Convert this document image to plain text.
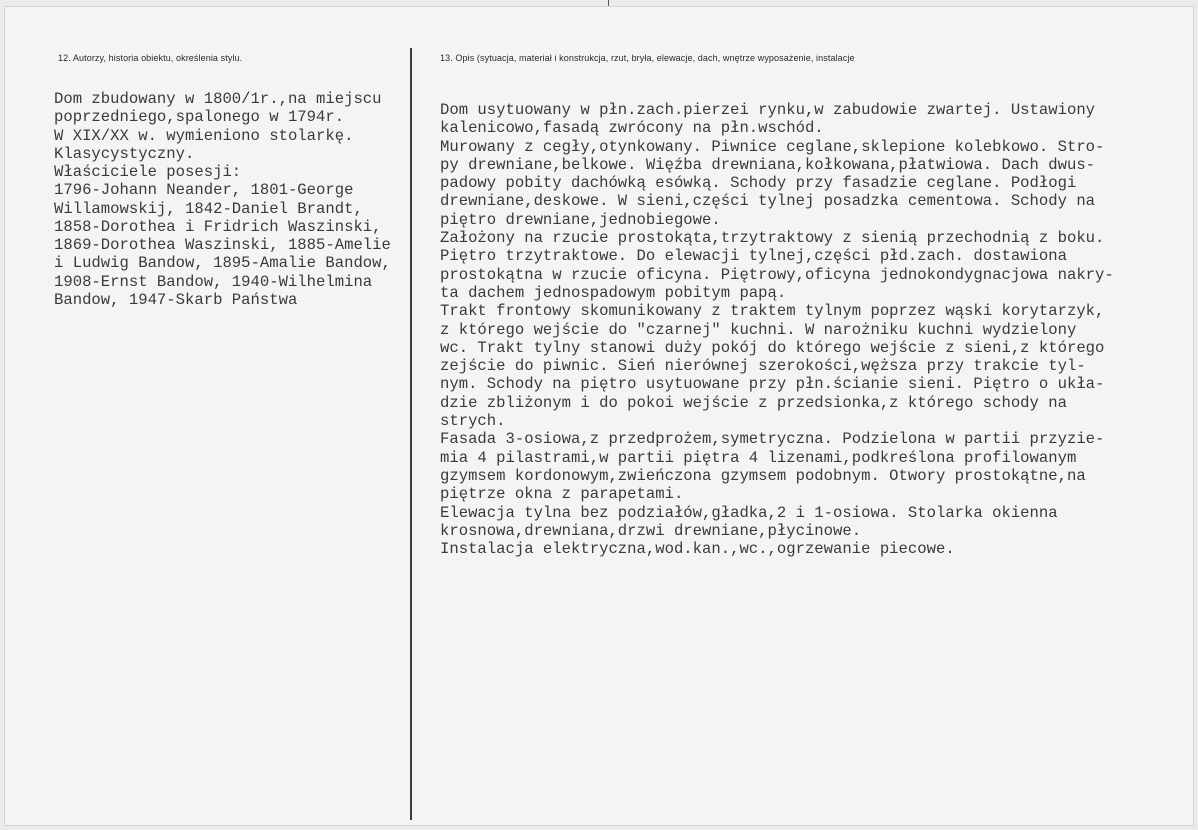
12. Autorzy, historia obiektu, określenia stylu.	13. Opis (sytuacja, materiał i konstrukcja, rzut, bryła, elewacje, dach, wnętrze wyposażenie, instalacje
Dom zbudowany w 1800/1r.,na miejscu
poprzedniego,spalonego w 1794r.
W XIX/XX w. wymieniono stolarkę.
Klasycystyczny.
Właściciele posesji:
1796-Johann Neander, 1801-George
Willamowskij, 1842-Daniel Brandt,
1858-Dorothea i Fridrich Waszinski,
1869-Dorothea Waszinski, 1885-Amelie
i Ludwig Bandow, 1895-Amalie Bandow,
1908-Ernst Bandow, 1940-Wilhelmina
Bandow, 1947-Skarb Państwa
Dom usytuowany w płn.zach.pierzei rynku,w zabudowie zwartej. Ustawiony
kalenicowo,fasadą zwrócony na płn.wschód.
Murowany z cegły,otynkowany. Piwnice ceglane,sklepione kolebkowo. Stro-
py drewniane,belkowe. Więźba drewniana,kołkowana,płatwiowa. Dach dwus-
padowy pobity dachówką esówką. Schody przy fasadzie ceglane. Podłogi
drewniane,deskowe. W sieni,części tylnej posadzka cementowa. Schody na
piętro drewniane,jednobiegowe.
Założony na rzucie prostokąta,trzytraktowy z sienią przechodnią z boku.
Piętro trzytraktowe. Do elewacji tylnej,części płd.zach. dostawiona
prostokątna w rzucie oficyna. Piętrowy,oficyna jednokondygnacjowa nakry-
ta dachem jednospadowym pobitym papą.
Trakt frontowy skomunikowany z traktem tylnym poprzez wąski korytarzyk,
z którego wejście do "czarnej" kuchni. W narożniku kuchni wydzielony
wc. Trakt tylny stanowi duży pokój do którego wejście z sieni,z którego
zejście do piwnic. Sień nierównej szerokości,węższa przy trakcie tyl-
nym. Schody na piętro usytuowane przy płn.ścianie sieni. Piętro o ukła-
dzie zbliżonym i do pokoi wejście z przedsionka,z którego schody na
strych.
Fasada 3-osiowa,z przedprożem,symetryczna. Podzielona w partii przyzie-
mia 4 pilastrami,w partii piętra 4 lizenami,podkreślona profilowanym
gzymsem kordonowym,zwieńczona gzymsem podobnym. Otwory prostokątne,na
piętrze okna z parapetami.
Elewacja tylna bez podziałów,gładka,2 i 1-osiowa. Stolarka okienna
krosnowa,drewniana,drzwi drewniane,płycinowe.
Instalacja elektryczna,wod.kan.,wc.,ogrzewanie piecowe.
